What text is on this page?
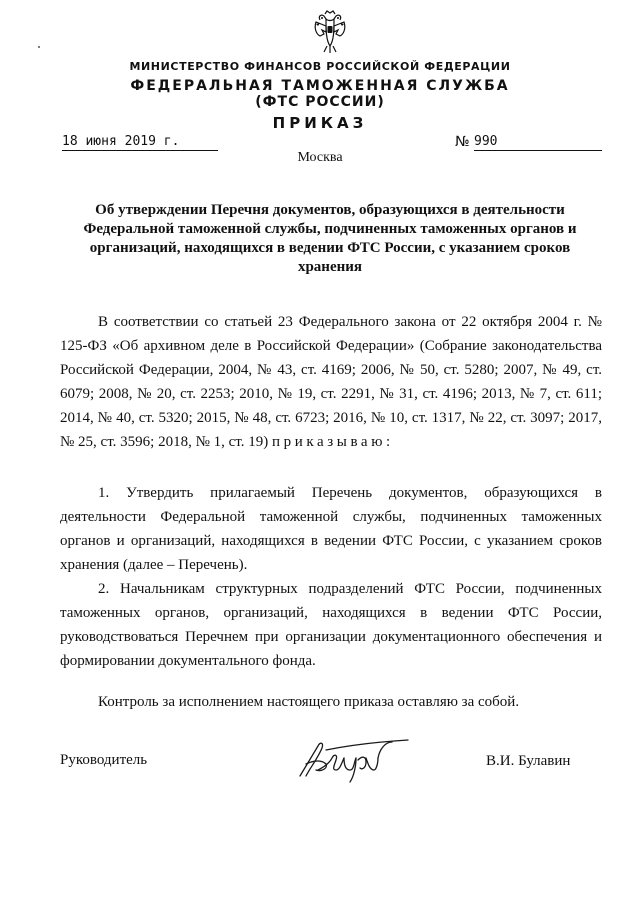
МИНИСТЕРСТВО ФИНАНСОВ РОССИЙСКОЙ ФЕДЕРАЦИИ
ФЕДЕРАЛЬНАЯ ТАМОЖЕННАЯ СЛУЖБА
(ФТС РОССИИ)
ПРИКАЗ
18 июня 2019 г.	№ 990
Москва
Об утверждении Перечня документов, образующихся в деятельности Федеральной таможенной службы, подчиненных таможенных органов и организаций, находящихся в ведении ФТС России, с указанием сроков хранения

В соответствии со статьей 23 Федерального закона от 22 октября 2004 г. № 125-ФЗ «Об архивном деле в Российской Федерации» (Собрание законодательства Российской Федерации, 2004, № 43, ст. 4169; 2006, № 50, ст. 5280; 2007, № 49, ст. 6079; 2008, № 20, ст. 2253; 2010, № 19, ст. 2291, № 31, ст. 4196; 2013, № 7, ст. 611; 2014, № 40, ст. 5320; 2015, № 48, ст. 6723; 2016, № 10, ст. 1317, № 22, ст. 3097; 2017, № 25, ст. 3596; 2018, № 1, ст. 19) приказываю:

1. Утвердить прилагаемый Перечень документов, образующихся в деятельности Федеральной таможенной службы, подчиненных таможенных органов и организаций, находящихся в ведении ФТС России, с указанием сроков хранения (далее – Перечень).

2. Начальникам структурных подразделений ФТС России, подчиненных таможенных органов, организаций, находящихся в ведении ФТС России, руководствоваться Перечнем при организации документационного обеспечения и формировании документального фонда.

Контроль за исполнением настоящего приказа оставляю за собой.

Руководитель	В.И. Булавин
